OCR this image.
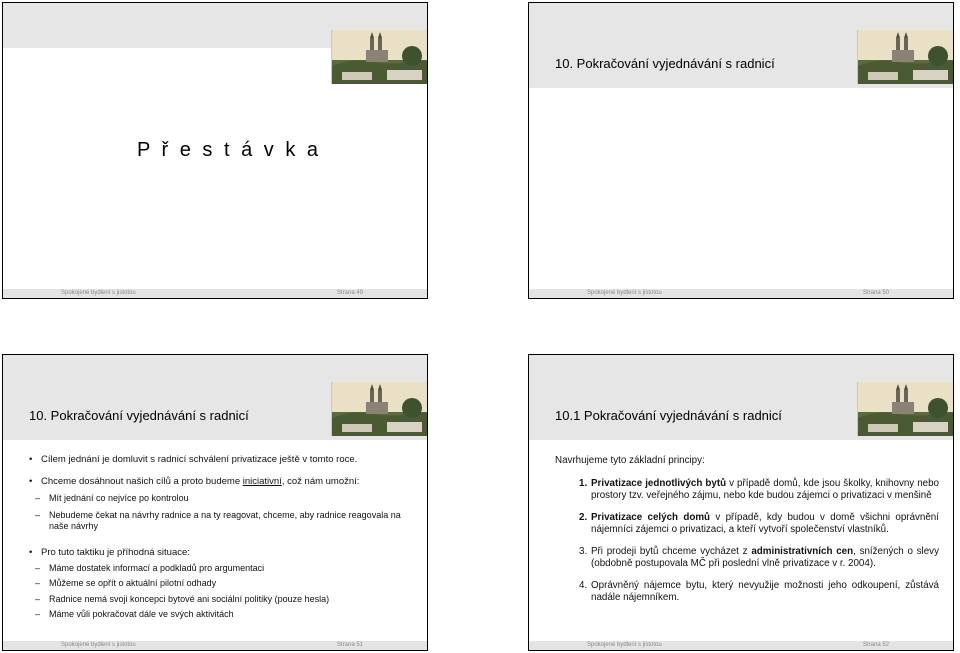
P ř e s t á v k a
Spokojené bydlení s jistotou	Strana 49
10. Pokračování vyjednávání s radnicí
Spokojené bydlení s jistotou	Strana 50
10. Pokračování vyjednávání s radnicí

• Cílem jednání je domluvit s radnicí schválení privatizace ještě v tomto roce.

• Chceme dosáhnout našich cílů a proto budeme iniciativní, což nám umožní:

– Mít jednání co nejvíce po kontrolou

– Nebudeme čekat na návrhy radnice a na ty reagovat, chceme, aby radnice reagovala na naše návrhy

• Pro tuto taktiku je příhodná situace:

– Máme dostatek informací a podkladů pro argumentaci

– Můžeme se opřít o aktuální pilotní odhady

– Radnice nemá svoji koncepci bytové ani sociální politiky (pouze hesla)

– Máme vůli pokračovat dále ve svých aktivitách

Spokojené bydlení s jistotou	Strana 51
10.1 Pokračování vyjednávání s radnicí

Navrhujeme tyto základní principy:

1. Privatizace jednotlivých bytů v případě domů, kde jsou školky, knihovny nebo prostory tzv. veřejného zájmu, nebo kde budou zájemci o privatizaci v menšině

2. Privatizace celých domů v případě, kdy budou v domě všichni oprávnění nájemníci zájemci o privatizaci, a kteří vytvoří společenství vlastníků.

3. Při prodeji bytů chceme vycházet z administrativních cen, snížených o slevy (obdobně postupovala MČ při poslední vlně privatizace v r. 2004).

4. Oprávněný nájemce bytu, který nevyužije možnosti jeho odkoupení, zůstává nadále nájemníkem.

Spokojené bydlení s jistotou	Strana 52
